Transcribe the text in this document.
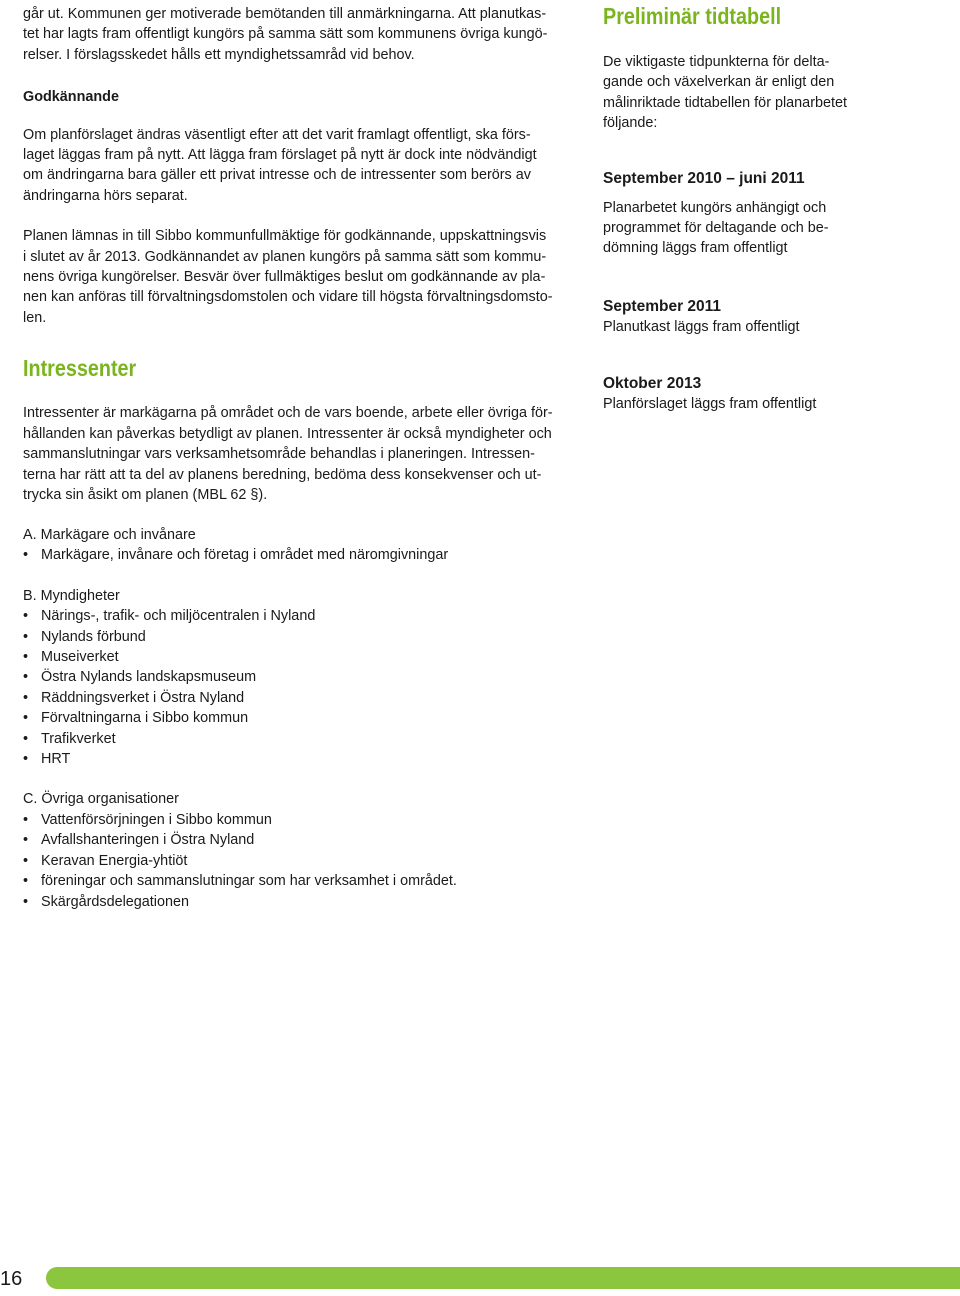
går ut. Kommunen ger motiverade bemötanden till anmärkningarna. Att planutkas-
tet har lagts fram offentligt kungörs på samma sätt som kommunens övriga kungö-
relser. I förslagsskedet hålls ett myndighetssamråd vid behov.

Godkännande

Om planförslaget ändras väsentligt efter att det varit framlagt offentligt, ska förs-
laget läggas fram på nytt. Att lägga fram förslaget på nytt är dock inte nödvändigt
om ändringarna bara gäller ett privat intresse och de intressenter som berörs av
ändringarna hörs separat.

Planen lämnas in till Sibbo kommunfullmäktige för godkännande, uppskattningsvis
i slutet av år 2013. Godkännandet av planen kungörs på samma sätt som kommu-
nens övriga kungörelser. Besvär över fullmäktiges beslut om godkännande av pla-
nen kan anföras till förvaltningsdomstolen och vidare till högsta förvaltningsdomsto-
len.

Intressenter

Intressenter är markägarna på området och de vars boende, arbete eller övriga för-
hållanden kan påverkas betydligt av planen. Intressenter är också myndigheter och
sammanslutningar vars verksamhetsområde behandlas i planeringen. Intressen-
terna har rätt att ta del av planens beredning, bedöma dess konsekvenser och ut-
trycka sin åsikt om planen (MBL 62 §).

Preliminär tidtabell

De viktigaste tidpunkterna för delta-
gande och växelverkan är enligt den
målinriktade tidtabellen för planarbetet
följande:

September 2010 – juni 2011

Planarbetet kungörs anhängigt och
programmet för deltagande och be-
dömning läggs fram offentligt

September 2011

Planutkast läggs fram offentligt

Oktober 2013

Planförslaget läggs fram offentligt

A. Markägare och invånare

• Markägare, invånare och företag i området med näromgivningar

B. Myndigheter

• Närings-, trafik- och miljöcentralen i Nyland
• Nylands förbund
• Museiverket
• Östra Nylands landskapsmuseum
• Räddningsverket i Östra Nyland
• Förvaltningarna i Sibbo kommun
• Trafikverket
• HRT

C. Övriga organisationer

• Vattenförsörjningen i Sibbo kommun
• Avfallshanteringen i Östra Nyland
• Keravan Energia-yhtiöt
• föreningar och sammanslutningar som har verksamhet i området.
• Skärgårdsdelegationen
16
